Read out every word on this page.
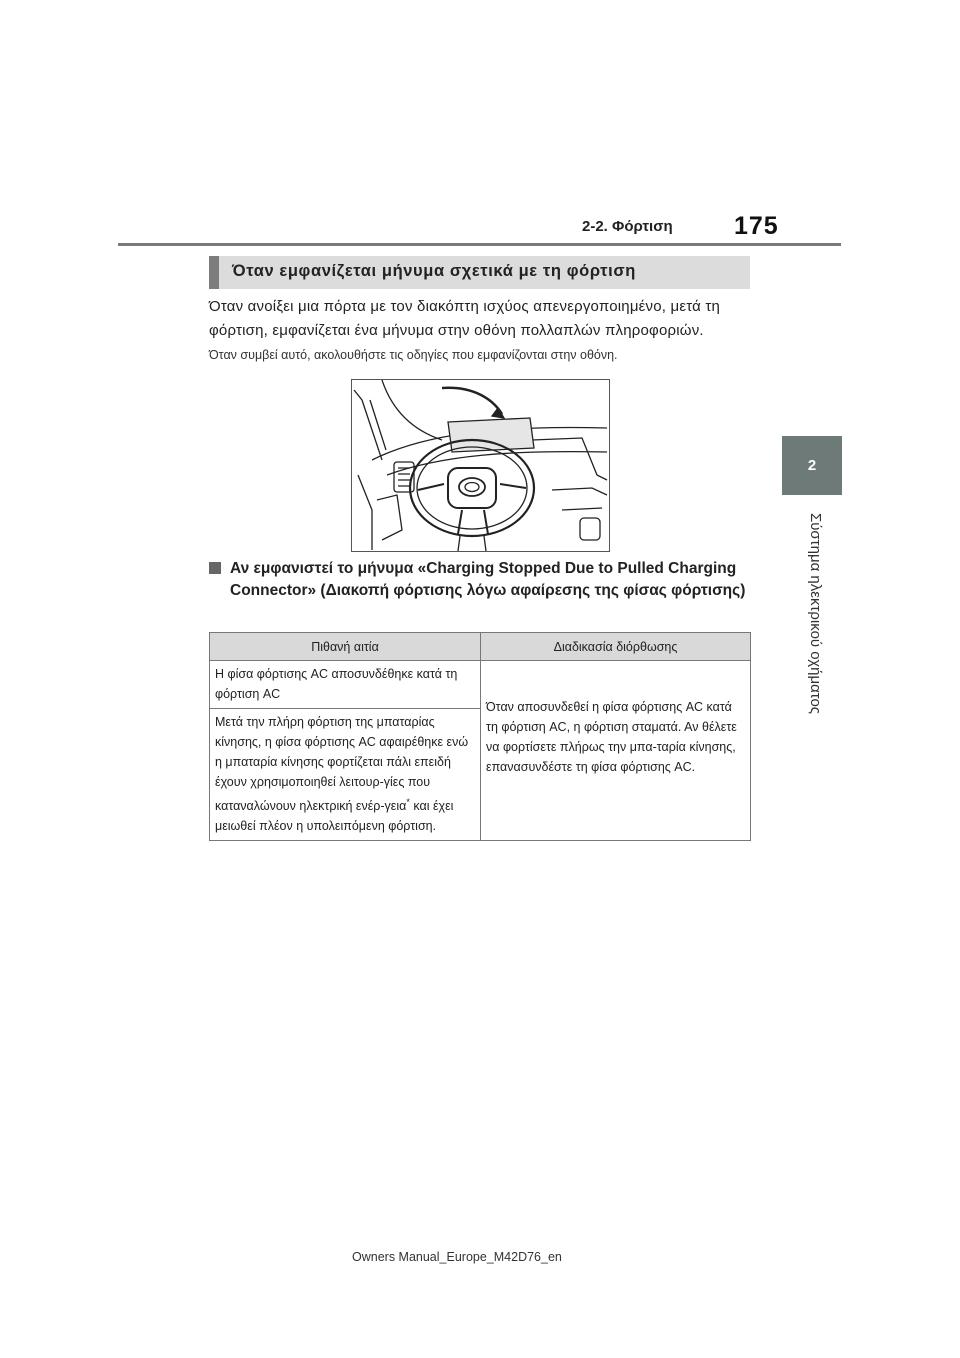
2-2. Φόρτιση 175
2
Σύστημα ηλεκτρικού οχήματος
Όταν εμφανίζεται μήνυμα σχετικά με τη φόρτιση
Όταν ανοίξει μια πόρτα με τον διακόπτη ισχύος απενεργοποιημένο, μετά τη φόρτιση, εμφανίζεται ένα μήνυμα στην οθόνη πολλαπλών πληροφοριών.
Όταν συμβεί αυτό, ακολουθήστε τις οδηγίες που εμφανίζονται στην οθόνη.
Αν εμφανιστεί το μήνυμα «Charging Stopped Due to Pulled Charging Connector» (Διακοπή φόρτισης λόγω αφαίρεσης της φίσας φόρτισης)
Πιθανή αιτία	Διαδικασία διόρθωσης
Η φίσα φόρτισης AC αποσυνδέθηκε κατά τη φόρτιση AC	Όταν αποσυνδεθεί η φίσα φόρτισης AC κατά τη φόρτιση AC, η φόρτιση σταματά. Αν θέλετε να φορτίσετε πλήρως την μπα-ταρία κίνησης, επανασυνδέστε τη φίσα φόρτισης AC.
Μετά την πλήρη φόρτιση της μπαταρίας κίνησης, η φίσα φόρτισης AC αφαιρέθηκε ενώ η μπαταρία κίνησης φορτίζεται πάλι επειδή έχουν χρησιμοποιηθεί λειτουρ-γίες που καταναλώνουν ηλεκτρική ενέρ-γεια* και έχει μειωθεί πλέον η υπολειπόμενη φόρτιση.	
Owners Manual_Europe_M42D76_en
